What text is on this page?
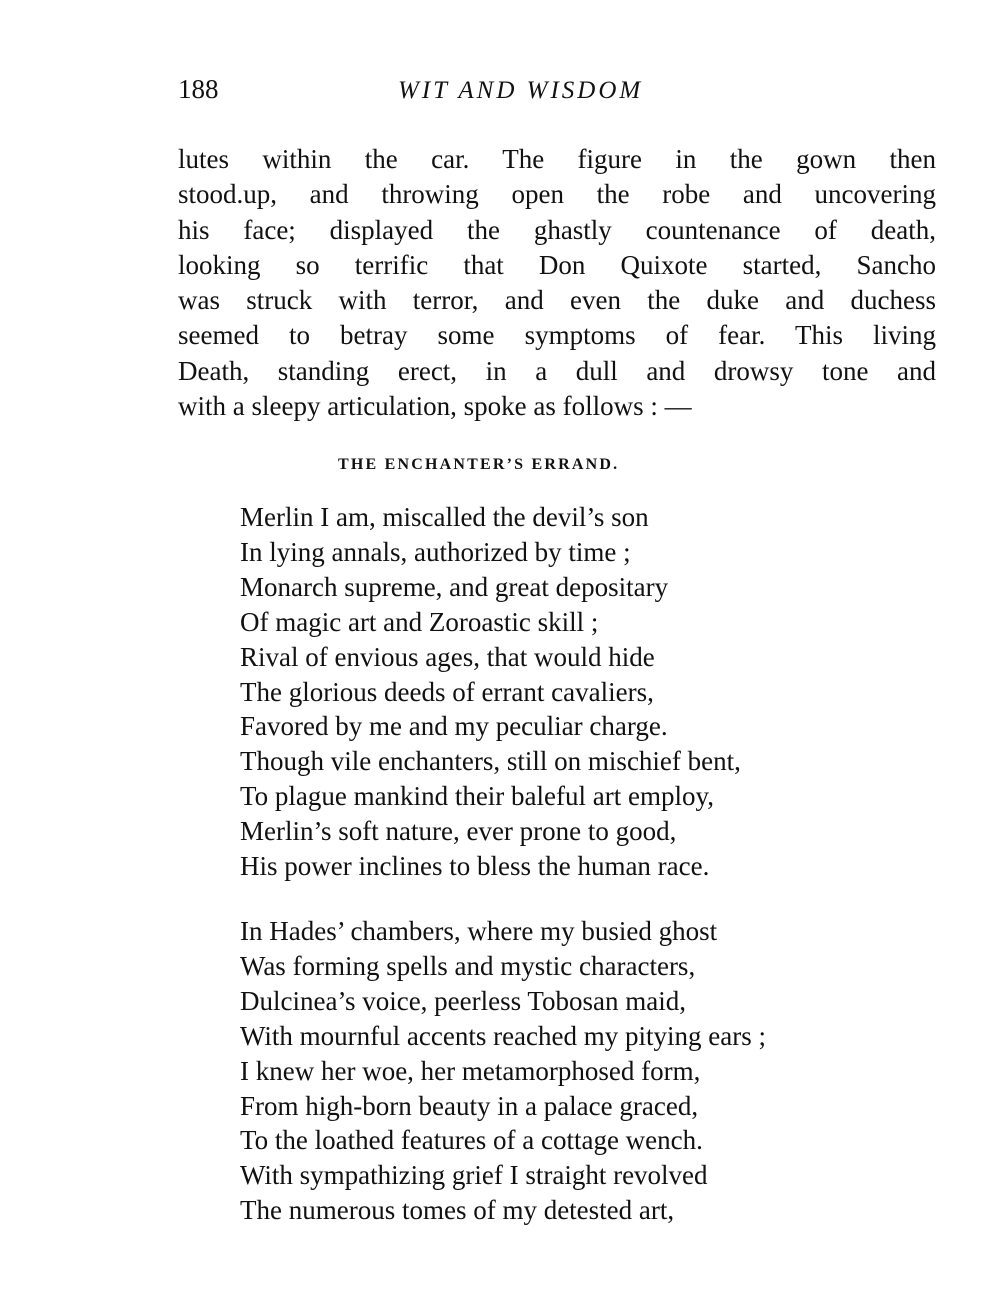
188	WIT AND WISDOM
lutes within the car. The figure in the gown then
stood.up, and throwing open the robe and uncovering
his face; displayed the ghastly countenance of death,
looking so terrific that Don Quixote started, Sancho
was struck with terror, and even the duke and duchess
seemed to betray some symptoms of fear. This living
Death, standing erect, in a dull and drowsy tone and
with a sleepy articulation, spoke as follows : —
THE ENCHANTER’S ERRAND.
Merlin I am, miscalled the devil’s son
In lying annals, authorized by time ;
Monarch supreme, and great depositary
Of magic art and Zoroastic skill ;
Rival of envious ages, that would hide
The glorious deeds of errant cavaliers,
Favored by me and my peculiar charge.
Though vile enchanters, still on mischief bent,
To plague mankind their baleful art employ,
Merlin’s soft nature, ever prone to good,
His power inclines to bless the human race.
In Hades’ chambers, where my busied ghost
Was forming spells and mystic characters,
Dulcinea’s voice, peerless Tobosan maid,
With mournful accents reached my pitying ears ;
I knew her woe, her metamorphosed form,
From high-born beauty in a palace graced,
To the loathed features of a cottage wench.
With sympathizing grief I straight revolved
The numerous tomes of my detested art,
